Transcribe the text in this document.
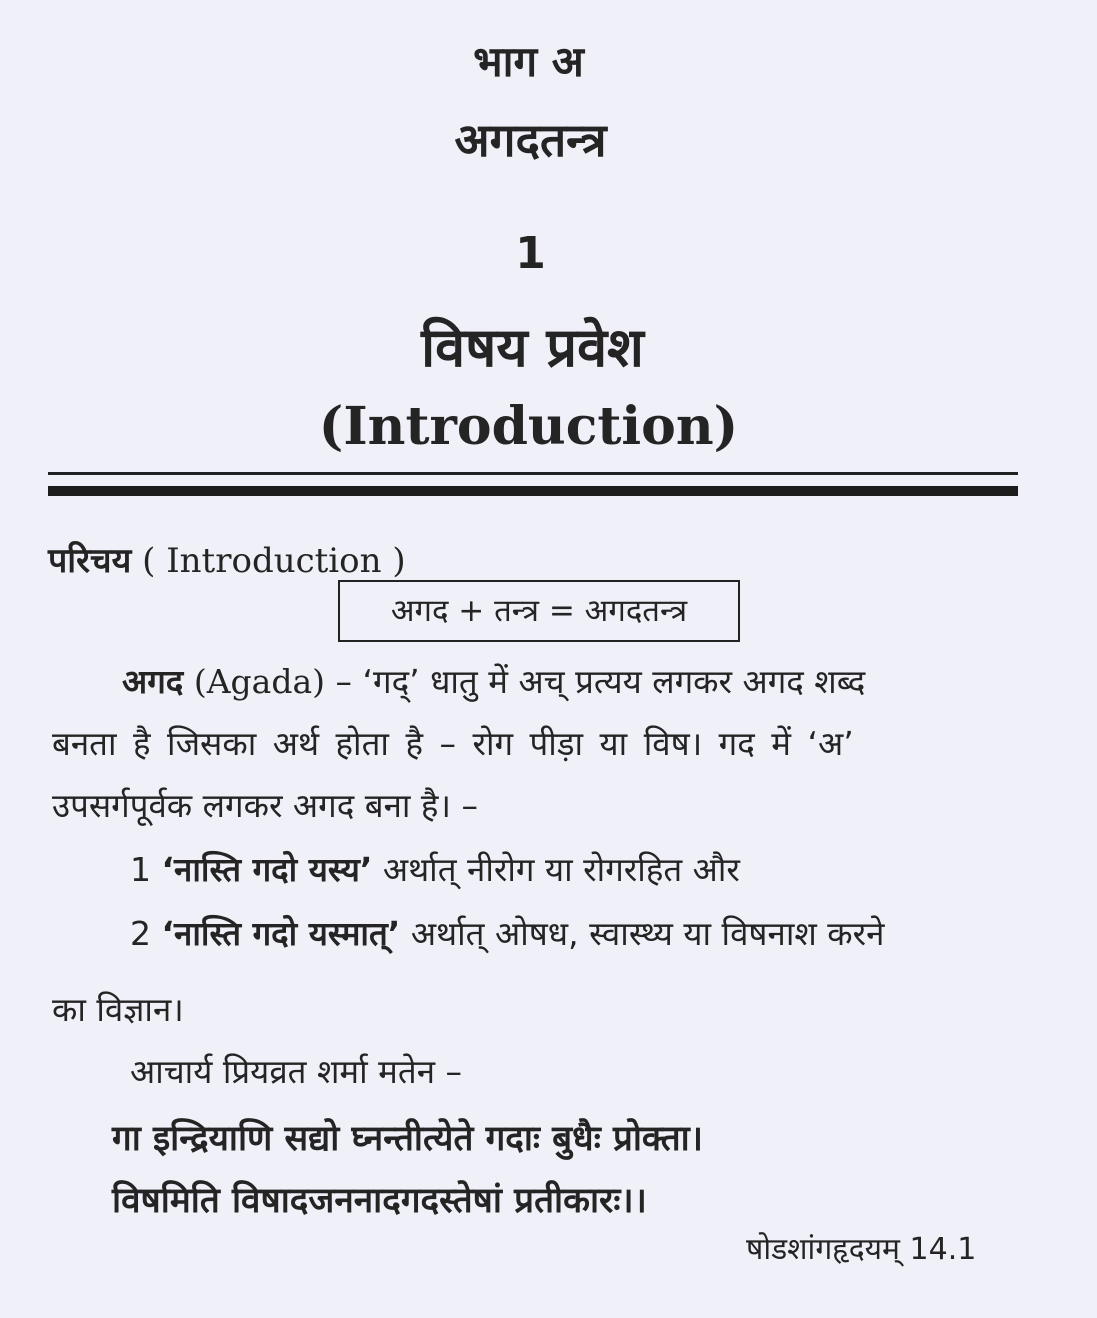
भाग अ
अगदतन्त्र
1
विषय प्रवेश
(Introduction)
परिचय ( Introduction )
अगद + तन्त्र = अगदतन्त्र
अगद (Agada) – ‘गद्’ धातु में अच् प्रत्यय लगकर अगद शब्द
बनता है जिसका अर्थ होता है – रोग पीड़ा या विष। गद में ‘अ’
उपसर्गपूर्वक लगकर अगद बना है। –
1 ‘नास्ति गदो यस्य’ अर्थात् नीरोग या रोगरहित और
2 ‘नास्ति गदो यस्मात्’ अर्थात् ओषध, स्वास्थ्य या विषनाश करने
का विज्ञान।
आचार्य प्रियव्रत शर्मा मतेन –
गा इन्द्रियाणि सद्यो घ्नन्तीत्येते गदाः बुधैः प्रोक्ता।
विषमिति विषादजननादगदस्तेषां प्रतीकारः।।
षोडशांगहृदयम् 14.1
